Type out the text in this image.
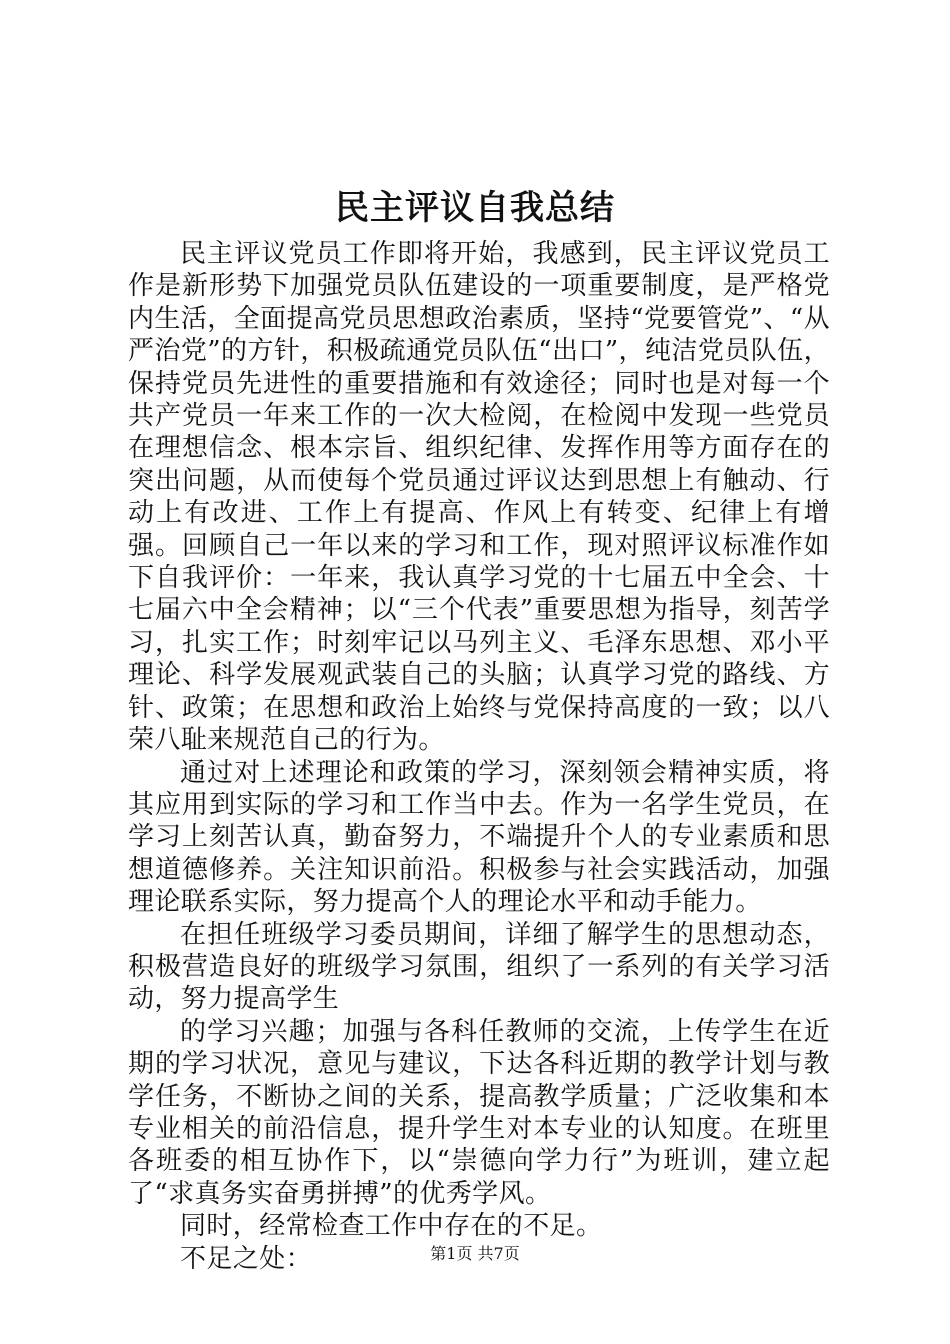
民主评议自我总结

民主评议党员工作即将开始，我感到，民主评议党员工作是新形势下加强党员队伍建设的一项重要制度，是严格党内生活，全面提高党员思想政治素质，坚持“党要管党”、“从严治党”的方针，积极疏通党员队伍“出口”，纯洁党员队伍，保持党员先进性的重要措施和有效途径；同时也是对每一个共产党员一年来工作的一次大检阅，在检阅中发现一些党员在理想信念、根本宗旨、组织纪律、发挥作用等方面存在的突出问题，从而使每个党员通过评议达到思想上有触动、行动上有改进、工作上有提高、作风上有转变、纪律上有增强。回顾自己一年以来的学习和工作，现对照评议标准作如下自我评价：一年来，我认真学习党的十七届五中全会、十七届六中全会精神；以“三个代表”重要思想为指导，刻苦学习，扎实工作；时刻牢记以马列主义、毛泽东思想、邓小平理论、科学发展观武装自己的头脑；认真学习党的路线、方针、政策；在思想和政治上始终与党保持高度的一致；以八荣八耻来规范自己的行为。

通过对上述理论和政策的学习，深刻领会精神实质，将其应用到实际的学习和工作当中去。作为一名学生党员，在学习上刻苦认真，勤奋努力，不端提升个人的专业素质和思想道德修养。关注知识前沿。积极参与社会实践活动，加强理论联系实际，努力提高个人的理论水平和动手能力。

在担任班级学习委员期间，详细了解学生的思想动态，积极营造良好的班级学习氛围，组织了一系列的有关学习活动，努力提高学生

的学习兴趣；加强与各科任教师的交流，上传学生在近期的学习状况，意见与建议，下达各科近期的教学计划与教学任务，不断协之间的关系，提高教学质量；广泛收集和本专业相关的前沿信息，提升学生对本专业的认知度。在班里各班委的相互协作下，以“崇德向学力行”为班训，建立起了“求真务实奋勇拼搏”的优秀学风。

同时，经常检查工作中存在的不足。

不足之处：	第1页 共7页
